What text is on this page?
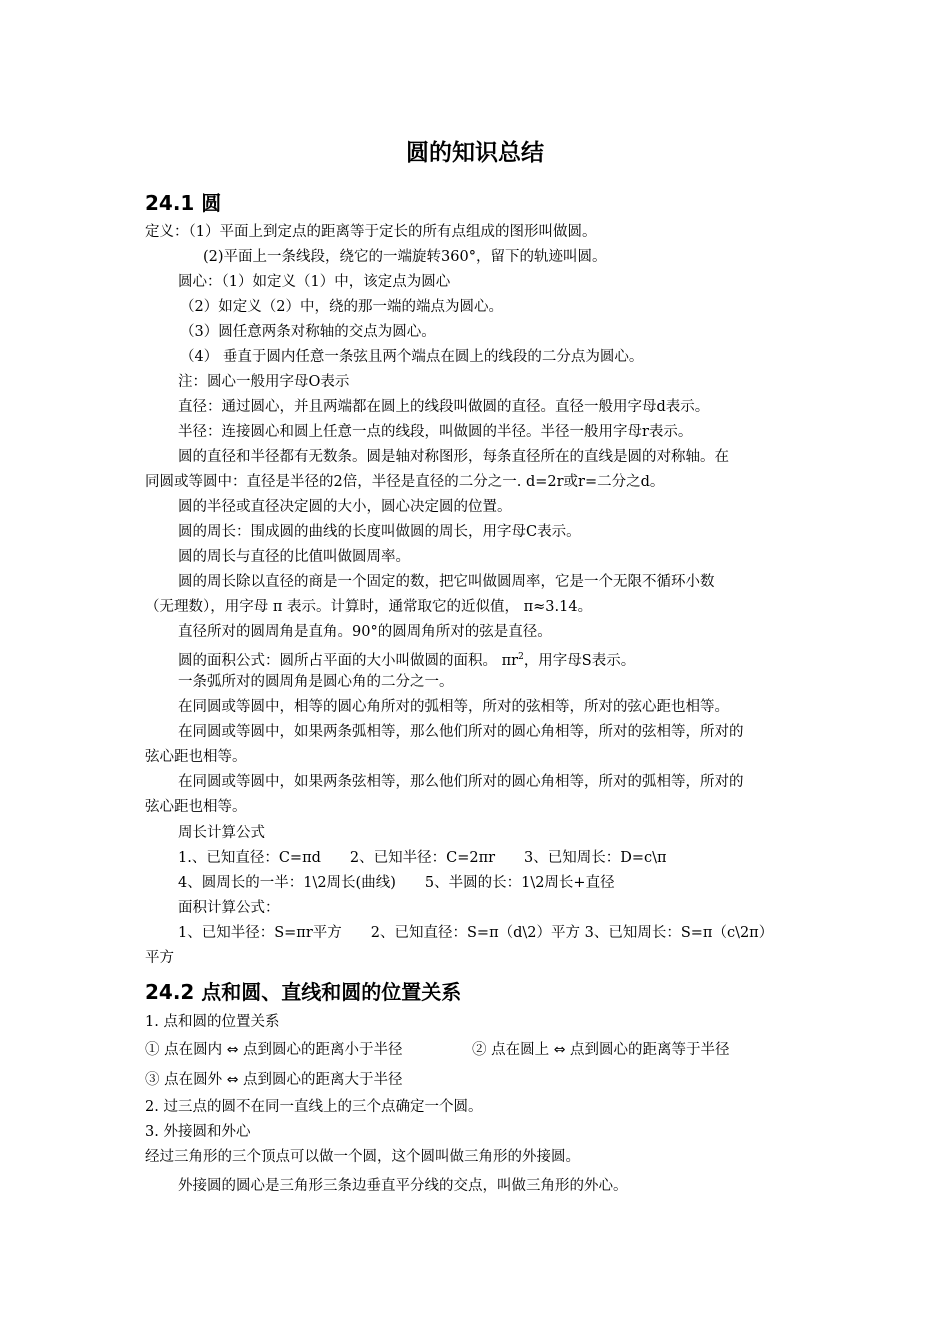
圆的知识总结
24.1 圆
定义：（1）平面上到定点的距离等于定长的所有点组成的图形叫做圆。
(2)平面上一条线段，绕它的一端旋转360°，留下的轨迹叫圆。
圆心：（1）如定义（1）中，该定点为圆心
（2）如定义（2）中，绕的那一端的端点为圆心。
（3）圆任意两条对称轴的交点为圆心。
（4） 垂直于圆内任意一条弦且两个端点在圆上的线段的二分点为圆心。
注：圆心一般用字母O表示
直径：通过圆心，并且两端都在圆上的线段叫做圆的直径。直径一般用字母d表示。
半径：连接圆心和圆上任意一点的线段，叫做圆的半径。半径一般用字母r表示。
圆的直径和半径都有无数条。圆是轴对称图形，每条直径所在的直线是圆的对称轴。在
同圆或等圆中：直径是半径的2倍，半径是直径的二分之一. d=2r或r=二分之d。
圆的半径或直径决定圆的大小，圆心决定圆的位置。
圆的周长：围成圆的曲线的长度叫做圆的周长，用字母C表示。
圆的周长与直径的比值叫做圆周率。
圆的周长除以直径的商是一个固定的数，把它叫做圆周率，它是一个无限不循环小数
（无理数），用字母 π 表示。计算时，通常取它的近似值， π≈3.14。
直径所对的圆周角是直角。90°的圆周角所对的弦是直径。
圆的面积公式：圆所占平面的大小叫做圆的面积。 $\pi r^2$，用字母S表示。
一条弧所对的圆周角是圆心角的二分之一。
在同圆或等圆中，相等的圆心角所对的弧相等，所对的弦相等，所对的弦心距也相等。
在同圆或等圆中，如果两条弧相等，那么他们所对的圆心角相等，所对的弦相等，所对的
弦心距也相等。
在同圆或等圆中，如果两条弦相等，那么他们所对的圆心角相等，所对的弧相等，所对的
弦心距也相等。
周长计算公式
1.、已知直径：C=πd　　2、已知半径：C=2πr　　3、已知周长：D=c\π
4、圆周长的一半：1\2周长(曲线)　　5、半圆的长：1\2周长+直径
面积计算公式：
1、已知半径：S=πr平方　　2、已知直径：S=π（d\2）平方 3、已知周长：S=π（c\2π）
平方
24.2 点和圆、直线和圆的位置关系
1. 点和圆的位置关系
① 点在圆内 ⇔ 点到圆心的距离小于半径	② 点在圆上 ⇔ 点到圆心的距离等于半径
③ 点在圆外 ⇔ 点到圆心的距离大于半径
2. 过三点的圆不在同一直线上的三个点确定一个圆。
3. 外接圆和外心
经过三角形的三个顶点可以做一个圆，这个圆叫做三角形的外接圆。
外接圆的圆心是三角形三条边垂直平分线的交点，叫做三角形的外心。
